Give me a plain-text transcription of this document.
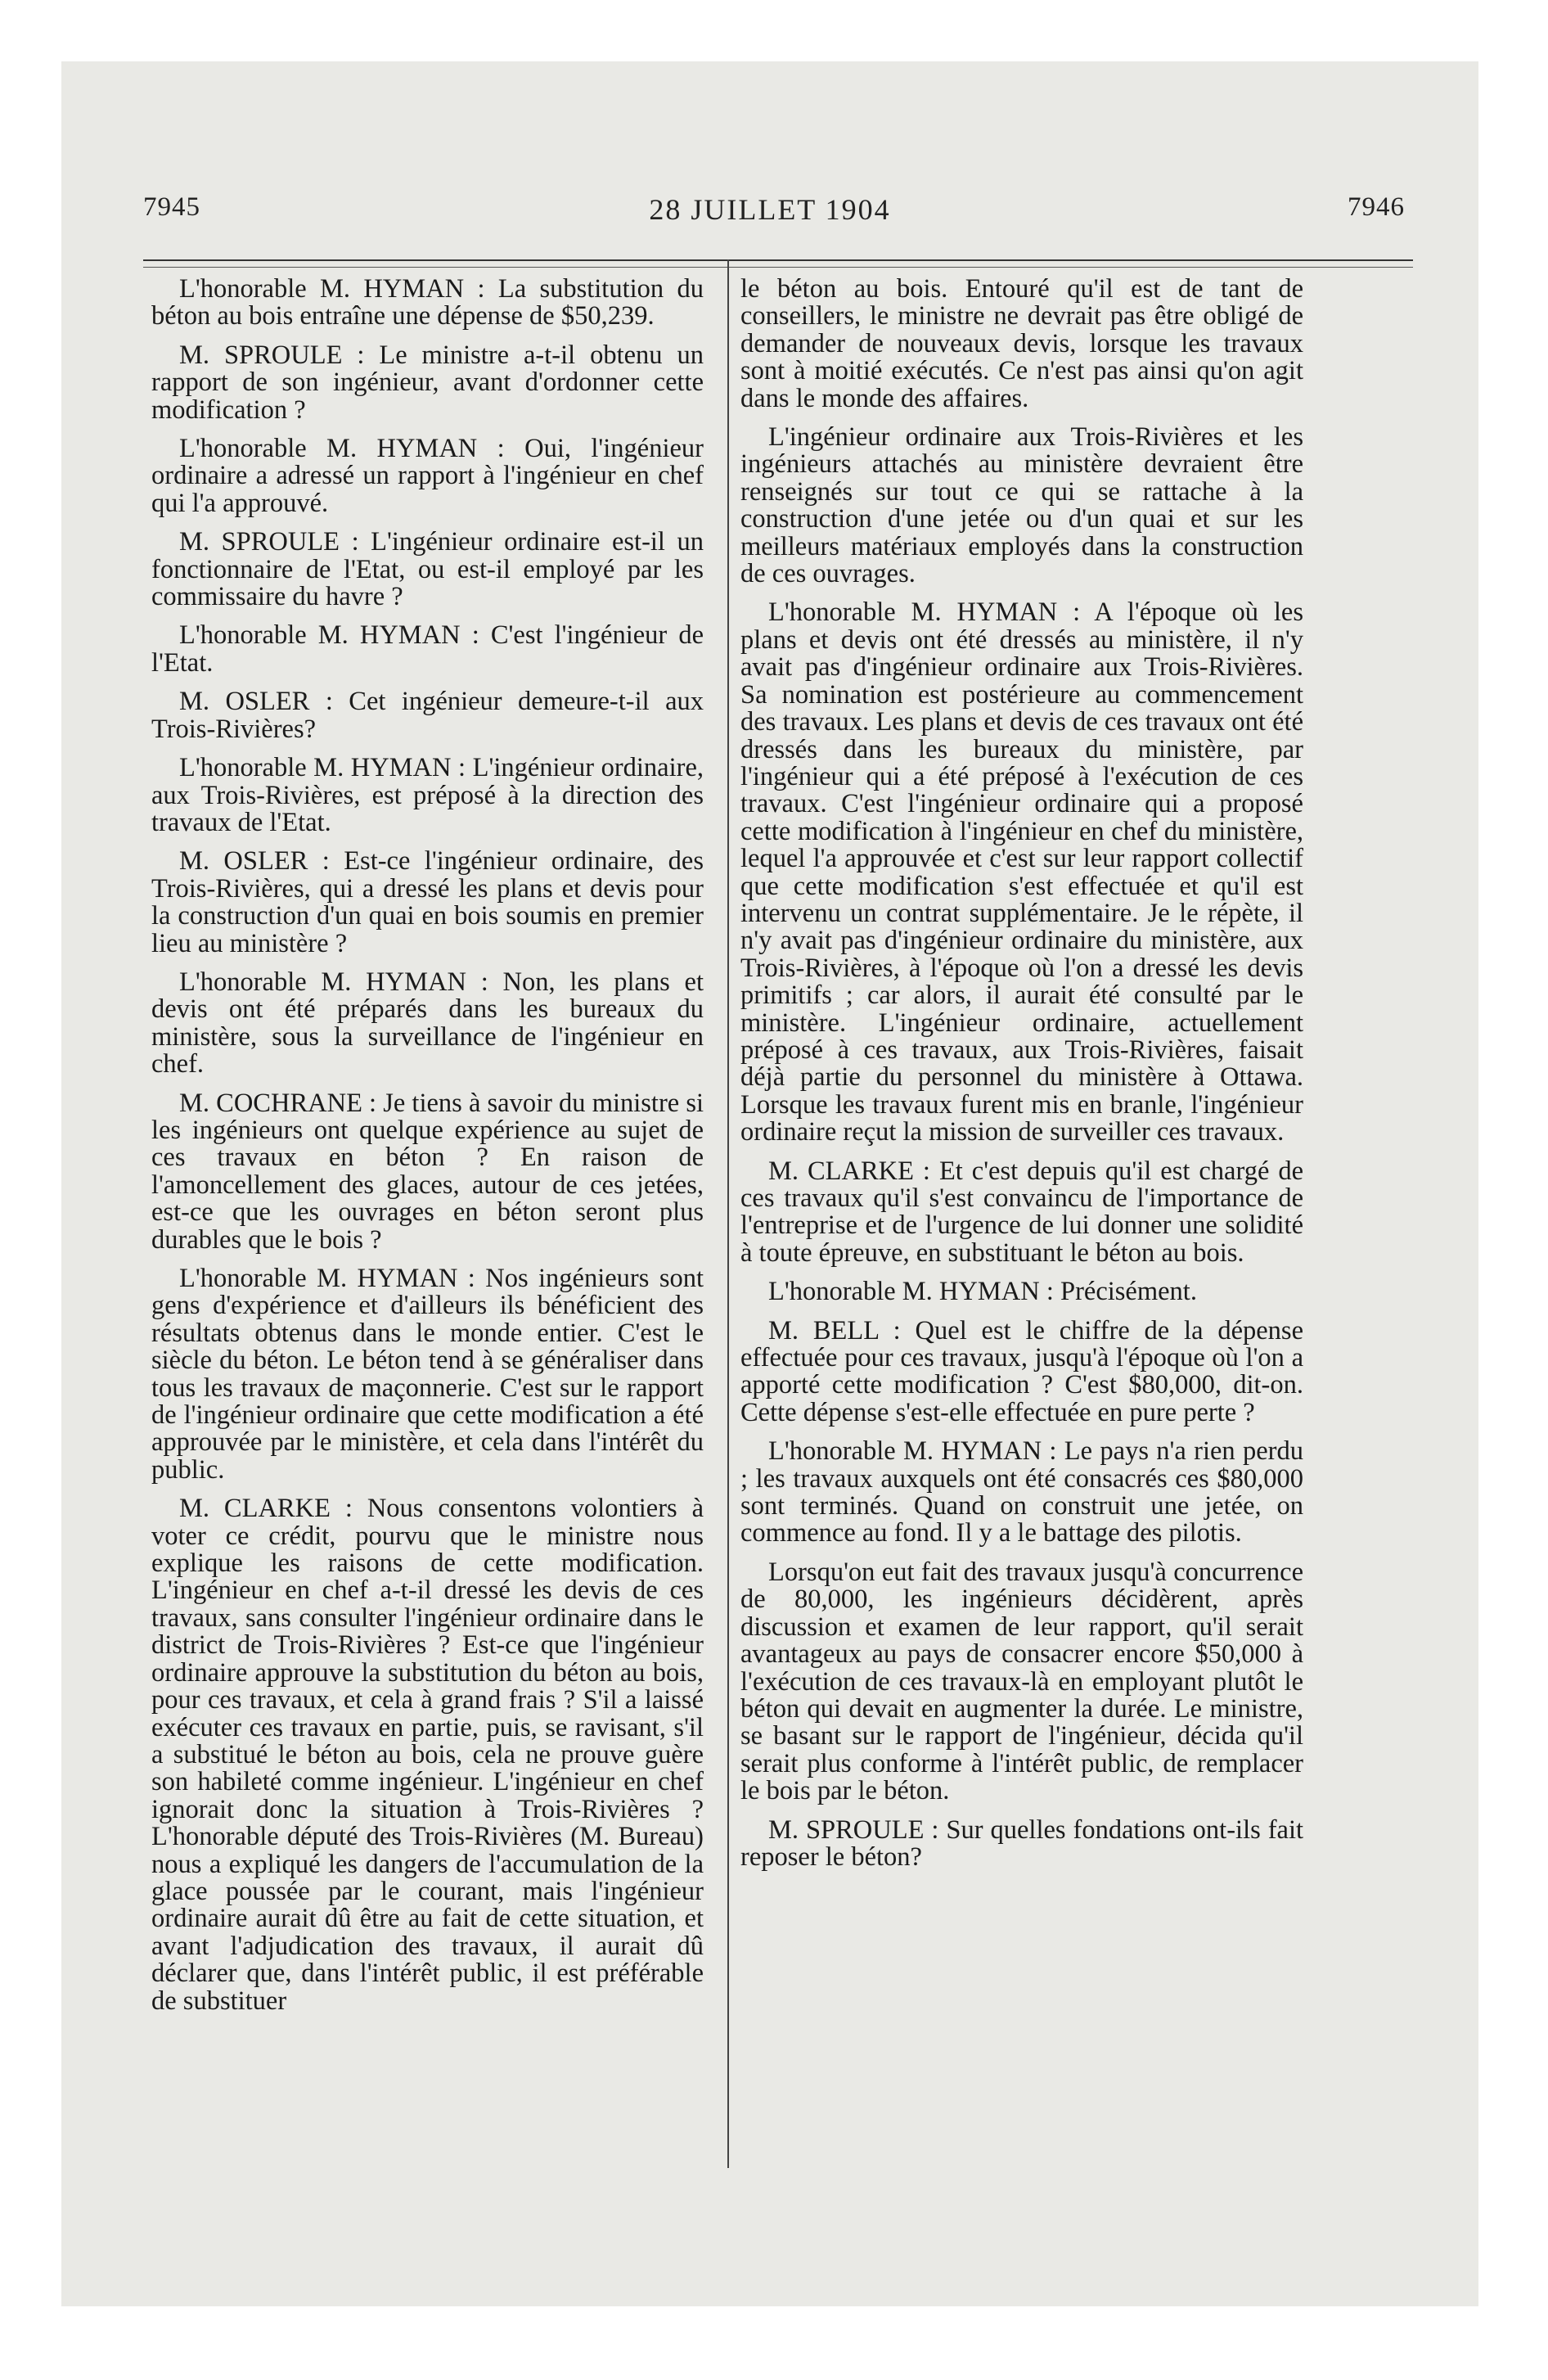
7945	28 JUILLET 1904	7946

L'honorable M. HYMAN : La substitution du béton au bois entraîne une dépense de $50,239.

M. SPROULE : Le ministre a-t-il obtenu un rapport de son ingénieur, avant d'ordonner cette modification ?

L'honorable M. HYMAN : Oui, l'ingénieur ordinaire a adressé un rapport à l'ingénieur en chef qui l'a approuvé.

M. SPROULE : L'ingénieur ordinaire est-il un fonctionnaire de l'Etat, ou est-il employé par les commissaire du havre ?

L'honorable M. HYMAN : C'est l'ingénieur de l'Etat.

M. OSLER : Cet ingénieur demeure-t-il aux Trois-Rivières?

L'honorable M. HYMAN : L'ingénieur ordinaire, aux Trois-Rivières, est préposé à la direction des travaux de l'Etat.

M. OSLER : Est-ce l'ingénieur ordinaire, des Trois-Rivières, qui a dressé les plans et devis pour la construction d'un quai en bois soumis en premier lieu au ministère ?

L'honorable M. HYMAN : Non, les plans et devis ont été préparés dans les bureaux du ministère, sous la surveillance de l'ingénieur en chef.

M. COCHRANE : Je tiens à savoir du ministre si les ingénieurs ont quelque expérience au sujet de ces travaux en béton ? En raison de l'amoncellement des glaces, autour de ces jetées, est-ce que les ouvrages en béton seront plus durables que le bois ?

L'honorable M. HYMAN : Nos ingénieurs sont gens d'expérience et d'ailleurs ils bénéficient des résultats obtenus dans le monde entier. C'est le siècle du béton. Le béton tend à se généraliser dans tous les travaux de maçonnerie. C'est sur le rapport de l'ingénieur ordinaire que cette modification a été approuvée par le ministère, et cela dans l'intérêt du public.

M. CLARKE : Nous consentons volontiers à voter ce crédit, pourvu que le ministre nous explique les raisons de cette modification. L'ingénieur en chef a-t-il dressé les devis de ces travaux, sans consulter l'ingénieur ordinaire dans le district de Trois-Rivières ? Est-ce que l'ingénieur ordinaire approuve la substitution du béton au bois, pour ces travaux, et cela à grand frais ? S'il a laissé exécuter ces travaux en partie, puis, se ravisant, s'il a substitué le béton au bois, cela ne prouve guère son habileté comme ingénieur. L'ingénieur en chef ignorait donc la situation à Trois-Rivières ? L'honorable député des Trois-Rivières (M. Bureau) nous a expliqué les dangers de l'accumulation de la glace poussée par le courant, mais l'ingénieur ordinaire aurait dû être au fait de cette situation, et avant l'adjudication des travaux, il aurait dû déclarer que, dans l'intérêt public, il est préférable de substituer

le béton au bois. Entouré qu'il est de tant de conseillers, le ministre ne devrait pas être obligé de demander de nouveaux devis, lorsque les travaux sont à moitié exécutés. Ce n'est pas ainsi qu'on agit dans le monde des affaires.

L'ingénieur ordinaire aux Trois-Rivières et les ingénieurs attachés au ministère devraient être renseignés sur tout ce qui se rattache à la construction d'une jetée ou d'un quai et sur les meilleurs matériaux employés dans la construction de ces ouvrages.

L'honorable M. HYMAN : A l'époque où les plans et devis ont été dressés au ministère, il n'y avait pas d'ingénieur ordinaire aux Trois-Rivières. Sa nomination est postérieure au commencement des travaux. Les plans et devis de ces travaux ont été dressés dans les bureaux du ministère, par l'ingénieur qui a été préposé à l'exécution de ces travaux. C'est l'ingénieur ordinaire qui a proposé cette modification à l'ingénieur en chef du ministère, lequel l'a approuvée et c'est sur leur rapport collectif que cette modification s'est effectuée et qu'il est intervenu un contrat supplémentaire. Je le répète, il n'y avait pas d'ingénieur ordinaire du ministère, aux Trois-Rivières, à l'époque où l'on a dressé les devis primitifs ; car alors, il aurait été consulté par le ministère. L'ingénieur ordinaire, actuellement préposé à ces travaux, aux Trois-Rivières, faisait déjà partie du personnel du ministère à Ottawa. Lorsque les travaux furent mis en branle, l'ingénieur ordinaire reçut la mission de surveiller ces travaux.

M. CLARKE : Et c'est depuis qu'il est chargé de ces travaux qu'il s'est convaincu de l'importance de l'entreprise et de l'urgence de lui donner une solidité à toute épreuve, en substituant le béton au bois.

L'honorable M. HYMAN : Précisément.

M. BELL : Quel est le chiffre de la dépense effectuée pour ces travaux, jusqu'à l'époque où l'on a apporté cette modification ? C'est $80,000, dit-on. Cette dépense s'est-elle effectuée en pure perte ?

L'honorable M. HYMAN : Le pays n'a rien perdu ; les travaux auxquels ont été consacrés ces $80,000 sont terminés. Quand on construit une jetée, on commence au fond. Il y a le battage des pilotis.

Lorsqu'on eut fait des travaux jusqu'à concurrence de 80,000, les ingénieurs décidèrent, après discussion et examen de leur rapport, qu'il serait avantageux au pays de consacrer encore $50,000 à l'exécution de ces travaux-là en employant plutôt le béton qui devait en augmenter la durée. Le ministre, se basant sur le rapport de l'ingénieur, décida qu'il serait plus conforme à l'intérêt public, de remplacer le bois par le béton.

M. SPROULE : Sur quelles fondations ont-ils fait reposer le béton?
